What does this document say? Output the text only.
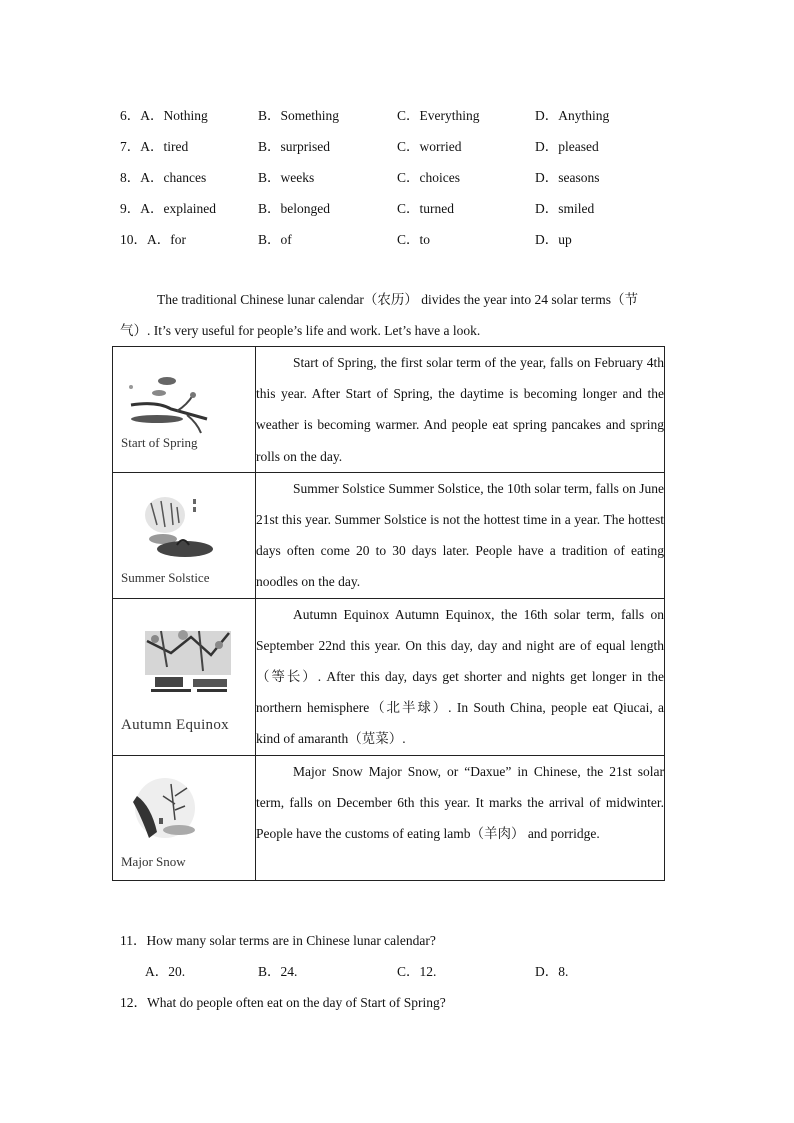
6．A．Nothing	B．Something	C．Everything	D．Anything
7．A．tired	B．surprised	C．worried	D．pleased
8．A．chances	B．weeks	C．choices	D．seasons
9．A．explained	B．belonged	C．turned	D．smiled
10．A．for	B．of	C．to	D．up
The traditional Chinese lunar calendar（农历） divides the year into 24 solar terms（节
气）. It’s very useful for people’s life and work. Let’s have a look.
Start of Spring	Start of Spring, the first solar term of the year, falls on February 4th this year. After Start of Spring, the daytime is becoming longer and the weather is becoming warmer. And people eat spring pancakes and spring rolls on the day.

Summer Solstice	Summer Solstice Summer Solstice, the 10th solar term, falls on June 21st this year. Summer Solstice is not the hottest time in a year. The hottest days often come 20 to 30 days later. People have a tradition of eating noodles on the day.

Autumn Equinox	Autumn Equinox Autumn Equinox, the 16th solar term, falls on September 22nd this year. On this day, day and night are of equal length（等长）. After this day, days get shorter and nights get longer in the northern hemisphere（北半球）. In South China, people eat Qiucai, a kind of amaranth（苋菜）.

Major Snow	Major Snow Major Snow, or “Daxue” in Chinese, the 21st solar term, falls on December 6th this year. It marks the arrival of midwinter. People have the customs of eating lamb（羊肉） and porridge.

11．How many solar terms are in Chinese lunar calendar?
A．20.	B．24.	C．12.	D．8.
12．What do people often eat on the day of Start of Spring?
